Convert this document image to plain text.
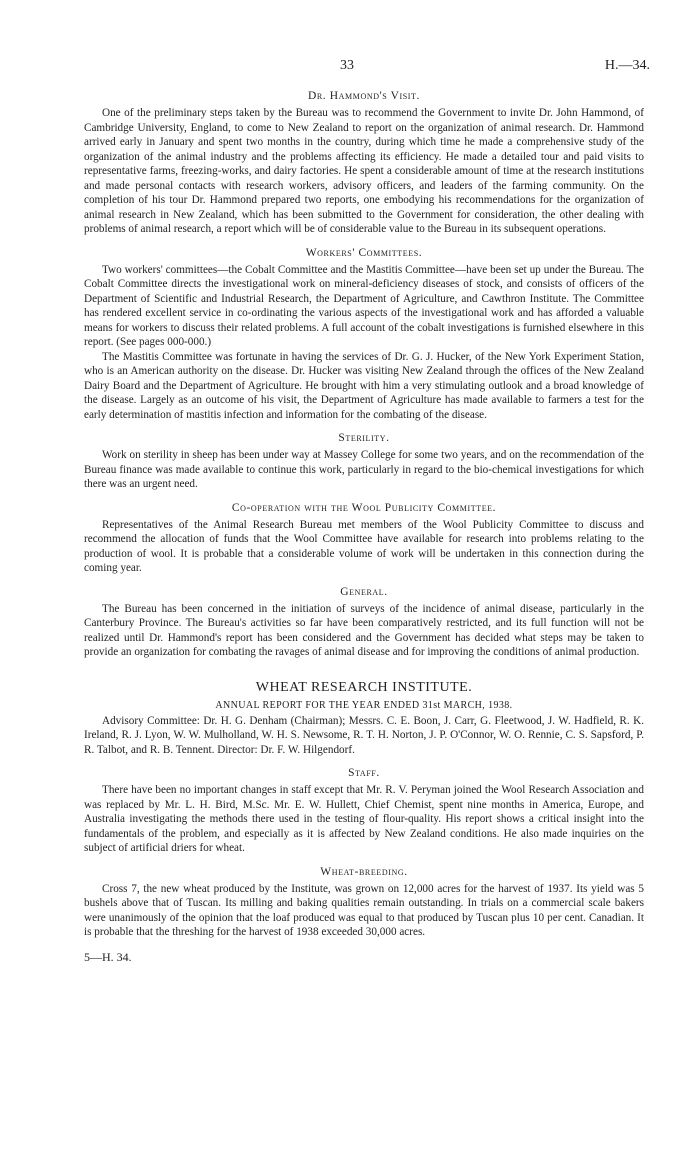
33	H.—34.
Dr. Hammond's Visit.

One of the preliminary steps taken by the Bureau was to recommend the Government to invite Dr. John Hammond, of Cambridge University, England, to come to New Zealand to report on the organization of animal research. Dr. Hammond arrived early in January and spent two months in the country, during which time he made a comprehensive study of the organization of the animal industry and the problems affecting its efficiency. He made a detailed tour and paid visits to representative farms, freezing-works, and dairy factories. He spent a considerable amount of time at the research institutions and made personal contacts with research workers, advisory officers, and leaders of the farming community. On the completion of his tour Dr. Hammond prepared two reports, one embodying his recommendations for the organization of animal research in New Zealand, which has been submitted to the Government for consideration, the other dealing with problems of animal research, a report which will be of considerable value to the Bureau in its subsequent operations.

Workers' Committees.

Two workers' committees—the Cobalt Committee and the Mastitis Committee—have been set up under the Bureau. The Cobalt Committee directs the investigational work on mineral-deficiency diseases of stock, and consists of officers of the Department of Scientific and Industrial Research, the Department of Agriculture, and Cawthron Institute. The Committee has rendered excellent service in co-ordinating the various aspects of the investigational work and has afforded a valuable means for workers to discuss their related problems. A full account of the cobalt investigations is furnished elsewhere in this report. (See pages 000-000.)

The Mastitis Committee was fortunate in having the services of Dr. G. J. Hucker, of the New York Experiment Station, who is an American authority on the disease. Dr. Hucker was visiting New Zealand through the offices of the New Zealand Dairy Board and the Department of Agriculture. He brought with him a very stimulating outlook and a broad knowledge of the disease. Largely as an outcome of his visit, the Department of Agriculture has made available to farmers a test for the early determination of mastitis infection and information for the combating of the disease.

Sterility.

Work on sterility in sheep has been under way at Massey College for some two years, and on the recommendation of the Bureau finance was made available to continue this work, particularly in regard to the bio-chemical investigations for which there was an urgent need.

Co-operation with the Wool Publicity Committee.

Representatives of the Animal Research Bureau met members of the Wool Publicity Committee to discuss and recommend the allocation of funds that the Wool Committee have available for research into problems relating to the production of wool. It is probable that a considerable volume of work will be undertaken in this connection during the coming year.

General.

The Bureau has been concerned in the initiation of surveys of the incidence of animal disease, particularly in the Canterbury Province. The Bureau's activities so far have been comparatively restricted, and its full function will not be realized until Dr. Hammond's report has been considered and the Government has decided what steps may be taken to provide an organization for combating the ravages of animal disease and for improving the conditions of animal production.

WHEAT RESEARCH INSTITUTE.
ANNUAL REPORT FOR THE YEAR ENDED 31st MARCH, 1938.

Advisory Committee: Dr. H. G. Denham (Chairman); Messrs. C. E. Boon, J. Carr, G. Fleetwood, J. W. Hadfield, R. K. Ireland, R. J. Lyon, W. W. Mulholland, W. H. S. Newsome, R. T. H. Norton, J. P. O'Connor, W. O. Rennie, C. S. Sapsford, P. R. Talbot, and R. B. Tennent. Director: Dr. F. W. Hilgendorf.

Staff.

There have been no important changes in staff except that Mr. R. V. Peryman joined the Wool Research Association and was replaced by Mr. L. H. Bird, M.Sc. Mr. E. W. Hullett, Chief Chemist, spent nine months in America, Europe, and Australia investigating the methods there used in the testing of flour-quality. His report shows a critical insight into the fundamentals of the problem, and especially as it is affected by New Zealand conditions. He also made inquiries on the subject of artificial driers for wheat.

Wheat-breeding.

Cross 7, the new wheat produced by the Institute, was grown on 12,000 acres for the harvest of 1937. Its yield was 5 bushels above that of Tuscan. Its milling and baking qualities remain outstanding. In trials on a commercial scale bakers were unanimously of the opinion that the loaf produced was equal to that produced by Tuscan plus 10 per cent. Canadian. It is probable that the threshing for the harvest of 1938 exceeded 30,000 acres.

5—H. 34.
